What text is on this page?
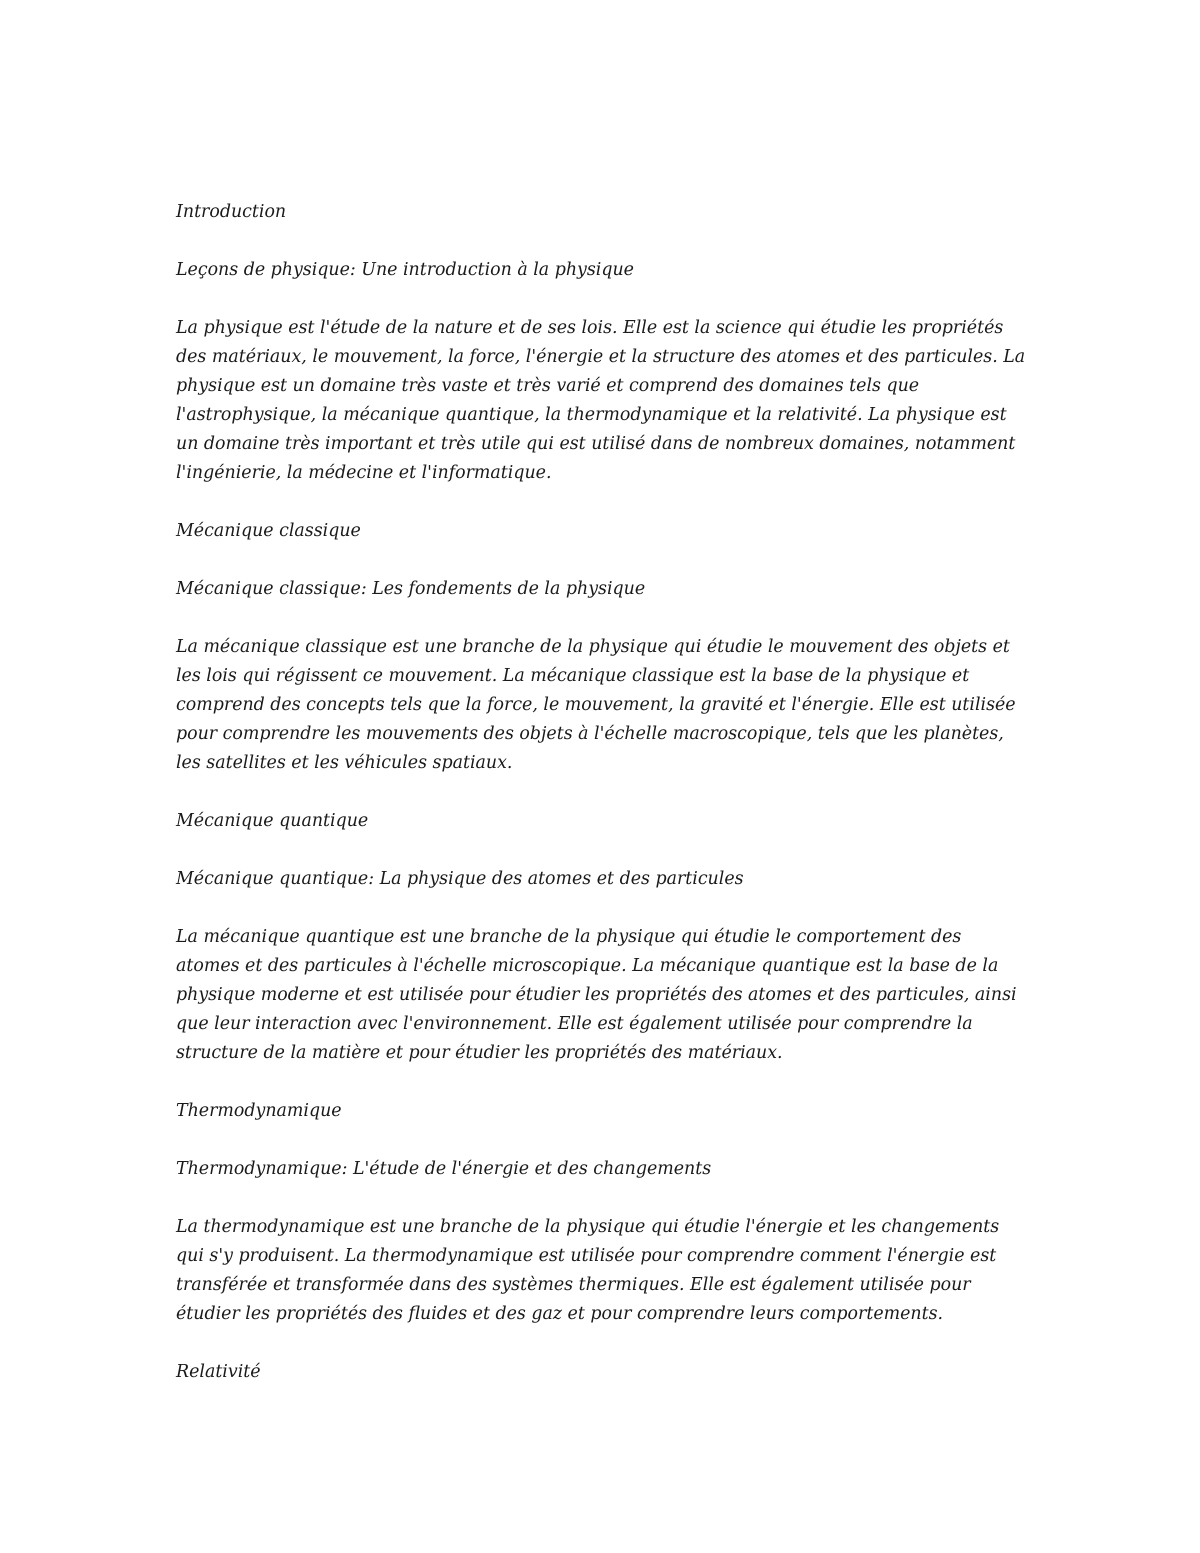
Introduction

Leçons de physique: Une introduction à la physique

La physique est l'étude de la nature et de ses lois. Elle est la science qui étudie les propriétés des matériaux, le mouvement, la force, l'énergie et la structure des atomes et des particules. La physique est un domaine très vaste et très varié et comprend des domaines tels que l'astrophysique, la mécanique quantique, la thermodynamique et la relativité. La physique est un domaine très important et très utile qui est utilisé dans de nombreux domaines, notamment l'ingénierie, la médecine et l'informatique.

Mécanique classique

Mécanique classique: Les fondements de la physique

La mécanique classique est une branche de la physique qui étudie le mouvement des objets et les lois qui régissent ce mouvement. La mécanique classique est la base de la physique et comprend des concepts tels que la force, le mouvement, la gravité et l'énergie. Elle est utilisée pour comprendre les mouvements des objets à l'échelle macroscopique, tels que les planètes, les satellites et les véhicules spatiaux.

Mécanique quantique

Mécanique quantique: La physique des atomes et des particules

La mécanique quantique est une branche de la physique qui étudie le comportement des atomes et des particules à l'échelle microscopique. La mécanique quantique est la base de la physique moderne et est utilisée pour étudier les propriétés des atomes et des particules, ainsi que leur interaction avec l'environnement. Elle est également utilisée pour comprendre la structure de la matière et pour étudier les propriétés des matériaux.

Thermodynamique

Thermodynamique: L'étude de l'énergie et des changements

La thermodynamique est une branche de la physique qui étudie l'énergie et les changements qui s'y produisent. La thermodynamique est utilisée pour comprendre comment l'énergie est transférée et transformée dans des systèmes thermiques. Elle est également utilisée pour étudier les propriétés des fluides et des gaz et pour comprendre leurs comportements.

Relativité
